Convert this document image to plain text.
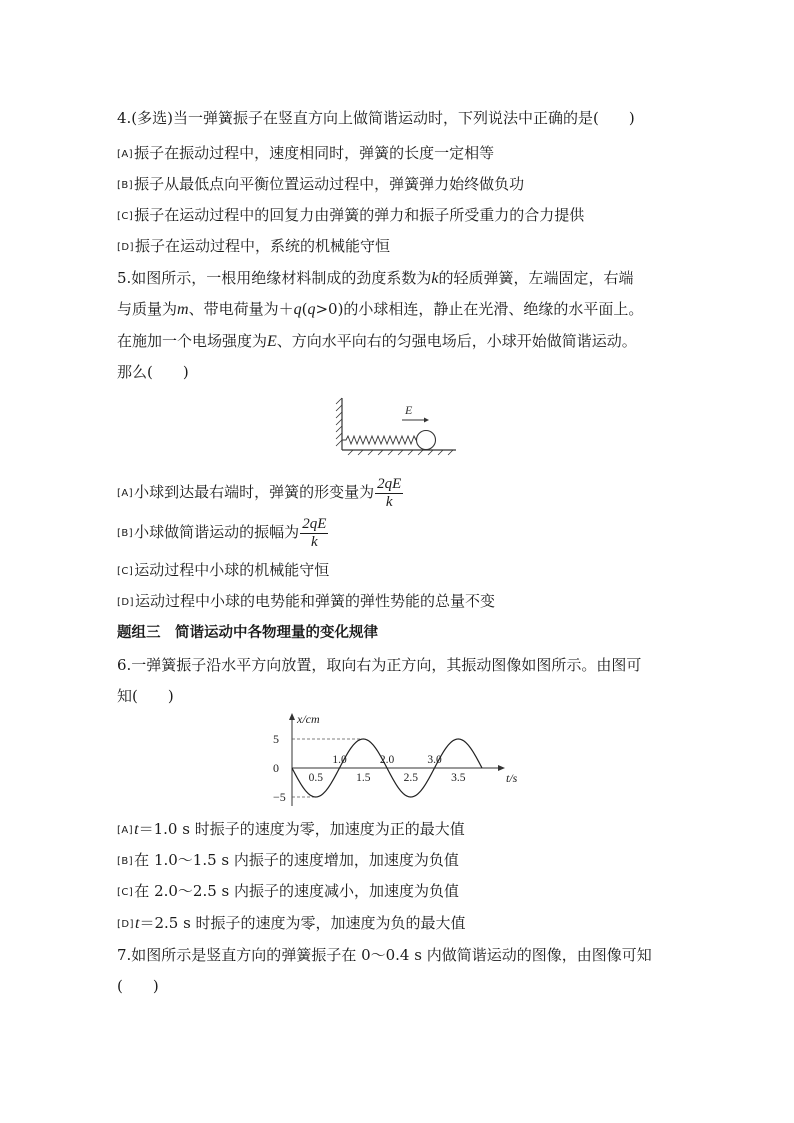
4.(多选)当一弹簧振子在竖直方向上做简谐运动时，下列说法中正确的是(　　)
[A]振子在振动过程中，速度相同时，弹簧的长度一定相等
[B]振子从最低点向平衡位置运动过程中，弹簧弹力始终做负功
[C]振子在运动过程中的回复力由弹簧的弹力和振子所受重力的合力提供
[D]振子在运动过程中，系统的机械能守恒
5.如图所示，一根用绝缘材料制成的劲度系数为k的轻质弹簧，左端固定，右端
与质量为m、带电荷量为＋q(q>0)的小球相连，静止在光滑、绝缘的水平面上。
在施加一个电场强度为E、方向水平向右的匀强电场后，小球开始做简谐运动。
那么(　　)
E
[A]小球到达最右端时，弹簧的形变量为 $\frac{2qE}{k}$
[B]小球做简谐运动的振幅为 $\frac{2qE}{k}$
[C]运动过程中小球的机械能守恒
[D]运动过程中小球的电势能和弹簧的弹性势能的总量不变
题组三　简谐运动中各物理量的变化规律
6.一弹簧振子沿水平方向放置，取向右为正方向，其振动图像如图所示。由图可
知(　　)
x/cm
t/s
5
0
−5
0.5	1.5	2.5	3.5
1.0	2.0	3.0
[A]t＝1.0 s 时振子的速度为零，加速度为正的最大值
[B]在 1.0～1.5 s 内振子的速度增加，加速度为负值
[C]在 2.0～2.5 s 内振子的速度减小，加速度为负值
[D]t＝2.5 s 时振子的速度为零，加速度为负的最大值
7.如图所示是竖直方向的弹簧振子在 0～0.4 s 内做简谐运动的图像，由图像可知
(　　)
